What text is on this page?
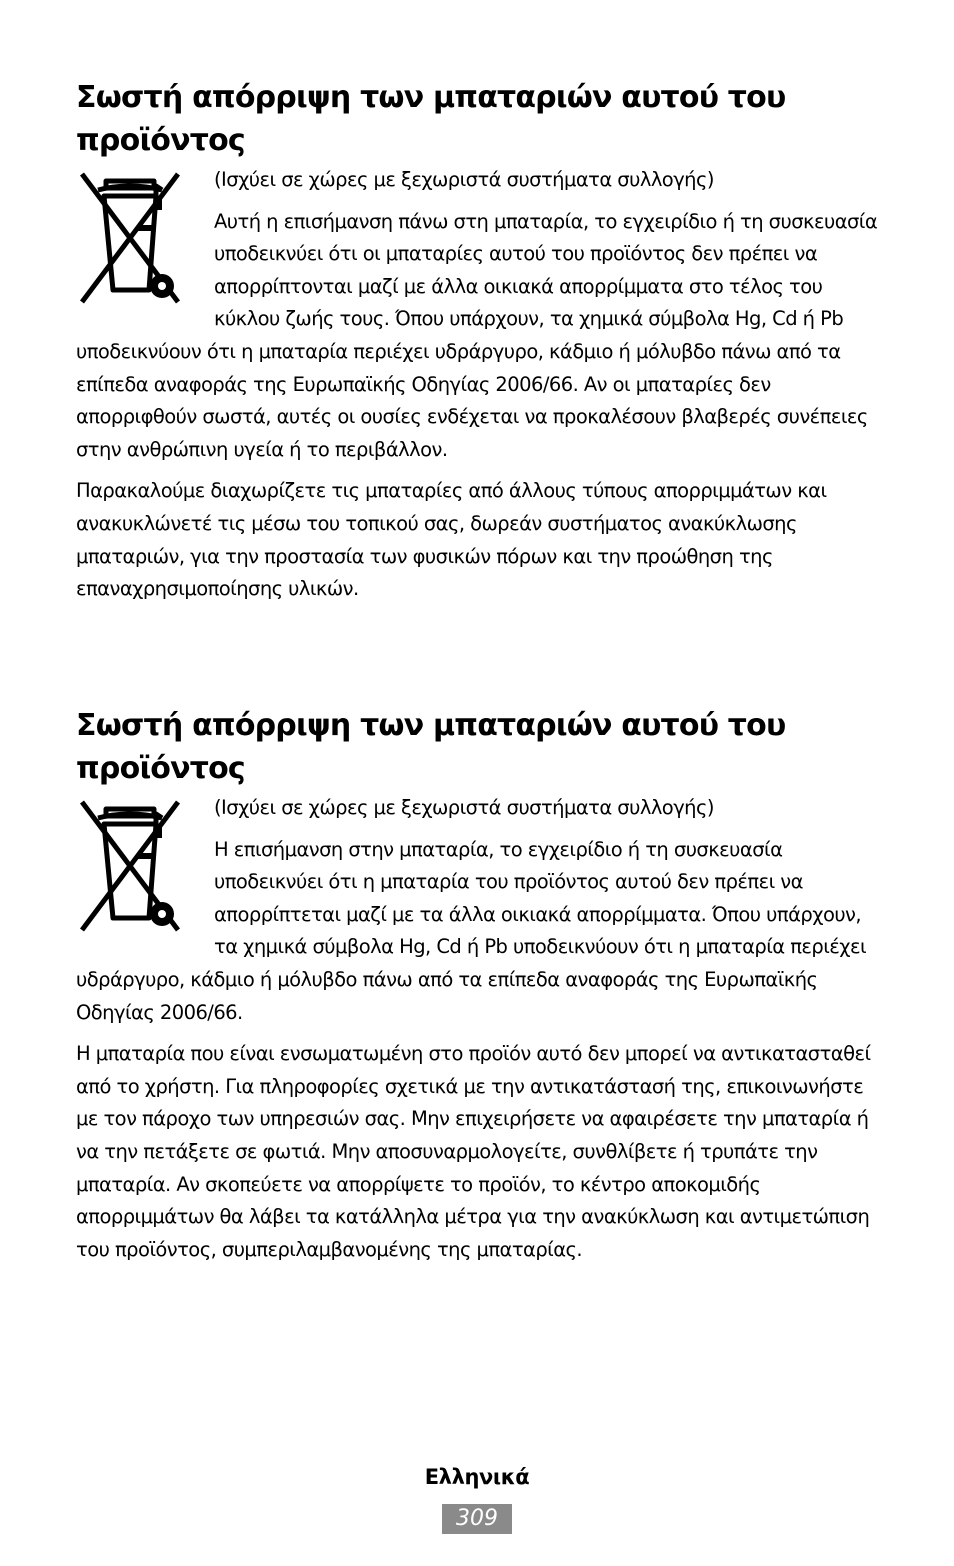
Σωστή απόρριψη των μπαταριών αυτού του προϊόντος

(Ισχύει σε χώρες με ξεχωριστά συστήματα συλλογής)

Αυτή η επισήμανση πάνω στη μπαταρία, το εγχειρίδιο ή τη συσκευασία υποδεικνύει ότι οι μπαταρίες αυτού του προϊόντος δεν πρέπει να απορρίπτονται μαζί με άλλα οικιακά απορρίμματα στο τέλος του κύκλου ζωής τους. Όπου υπάρχουν, τα χημικά σύμβολα Hg, Cd ή Pb υποδεικνύουν ότι η μπαταρία περιέχει υδράργυρο, κάδμιο ή μόλυβδο πάνω από τα επίπεδα αναφοράς της Ευρωπαϊκής Οδηγίας 2006/66. Αν οι μπαταρίες δεν απορριφθούν σωστά, αυτές οι ουσίες ενδέχεται να προκαλέσουν βλαβερές συνέπειες στην ανθρώπινη υγεία ή το περιβάλλον.

Παρακαλούμε διαχωρίζετε τις μπαταρίες από άλλους τύπους απορριμμάτων και ανακυκλώνετέ τις μέσω του τοπικού σας, δωρεάν συστήματος ανακύκλωσης μπαταριών, για την προστασία των φυσικών πόρων και την προώθηση της επαναχρησιμοποίησης υλικών.

Σωστή απόρριψη των μπαταριών αυτού του προϊόντος

(Ισχύει σε χώρες με ξεχωριστά συστήματα συλλογής)

Η επισήμανση στην μπαταρία, το εγχειρίδιο ή τη συσκευασία υποδεικνύει ότι η μπαταρία του προϊόντος αυτού δεν πρέπει να απορρίπτεται μαζί με τα άλλα οικιακά απορρίμματα. Όπου υπάρχουν, τα χημικά σύμβολα Hg, Cd ή Pb υποδεικνύουν ότι η μπαταρία περιέχει υδράργυρο, κάδμιο ή μόλυβδο πάνω από τα επίπεδα αναφοράς της Ευρωπαϊκής Οδηγίας 2006/66.

Η μπαταρία που είναι ενσωματωμένη στο προϊόν αυτό δεν μπορεί να αντικατασταθεί από το χρήστη. Για πληροφορίες σχετικά με την αντικατάστασή της, επικοινωνήστε με τον πάροχο των υπηρεσιών σας. Μην επιχειρήσετε να αφαιρέσετε την μπαταρία ή να την πετάξετε σε φωτιά. Μην αποσυναρμολογείτε, συνθλίβετε ή τρυπάτε την μπαταρία. Αν σκοπεύετε να απορρίψετε το προϊόν, το κέντρο αποκομιδής απορριμμάτων θα λάβει τα κατάλληλα μέτρα για την ανακύκλωση και αντιμετώπιση του προϊόντος, συμπεριλαμβανομένης της μπαταρίας.

Ελληνικά
309
